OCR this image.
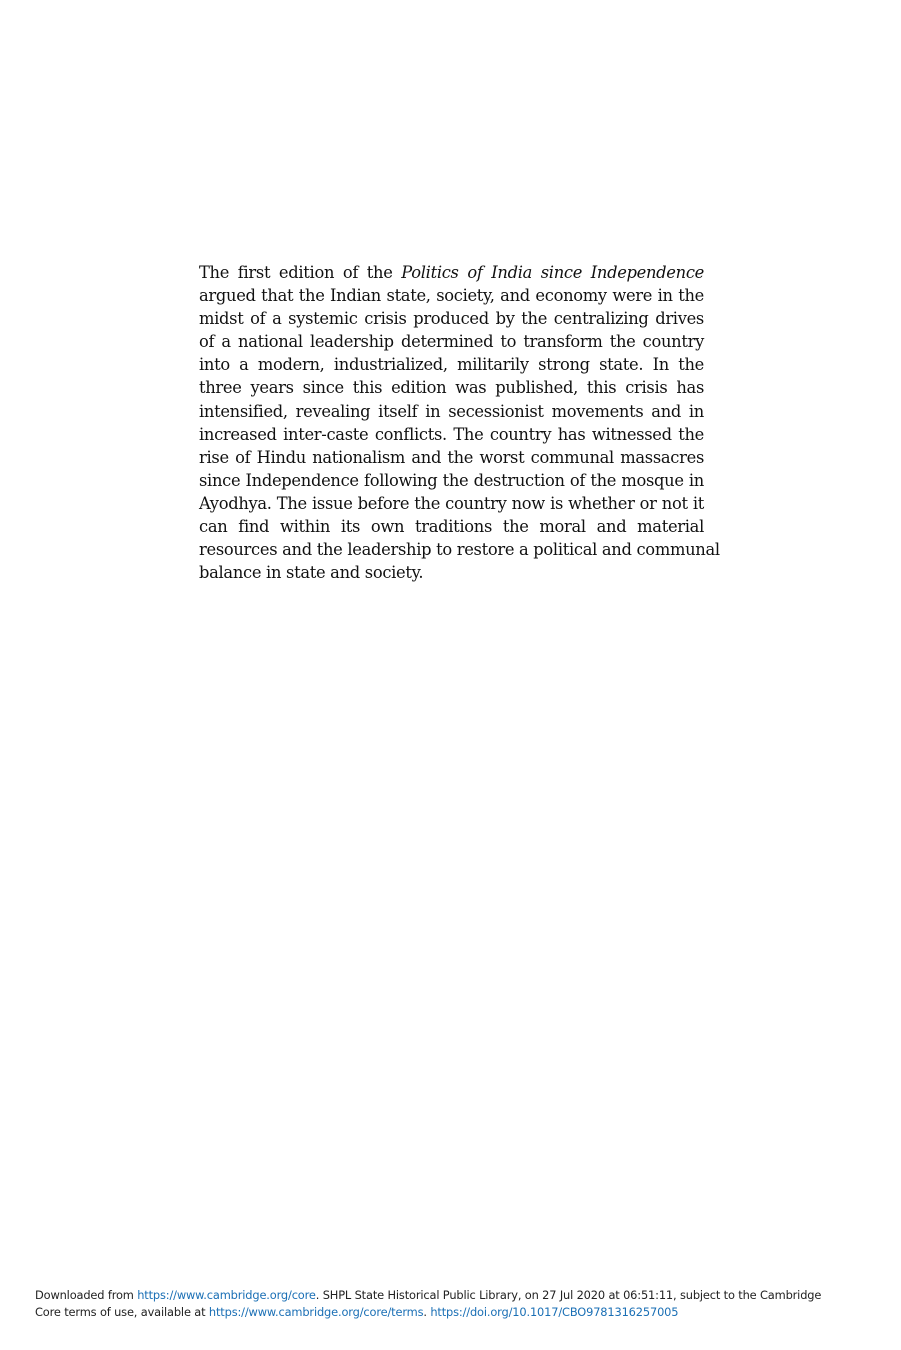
The first edition of the Politics of India since Independence
argued that the Indian state, society, and economy were in the
midst of a systemic crisis produced by the centralizing drives
of a national leadership determined to transform the country
into a modern, industrialized, militarily strong state. In the
three years since this edition was published, this crisis has
intensified, revealing itself in secessionist movements and in
increased inter-caste conflicts. The country has witnessed the
rise of Hindu nationalism and the worst communal massacres
since Independence following the destruction of the mosque in
Ayodhya. The issue before the country now is whether or not it
can find within its own traditions the moral and material
resources and the leadership to restore a political and communal
balance in state and society.
Downloaded from https://www.cambridge.org/core. SHPL State Historical Public Library, on 27 Jul 2020 at 06:51:11, subject to the Cambridge
Core terms of use, available at https://www.cambridge.org/core/terms. https://doi.org/10.1017/CBO9781316257005
